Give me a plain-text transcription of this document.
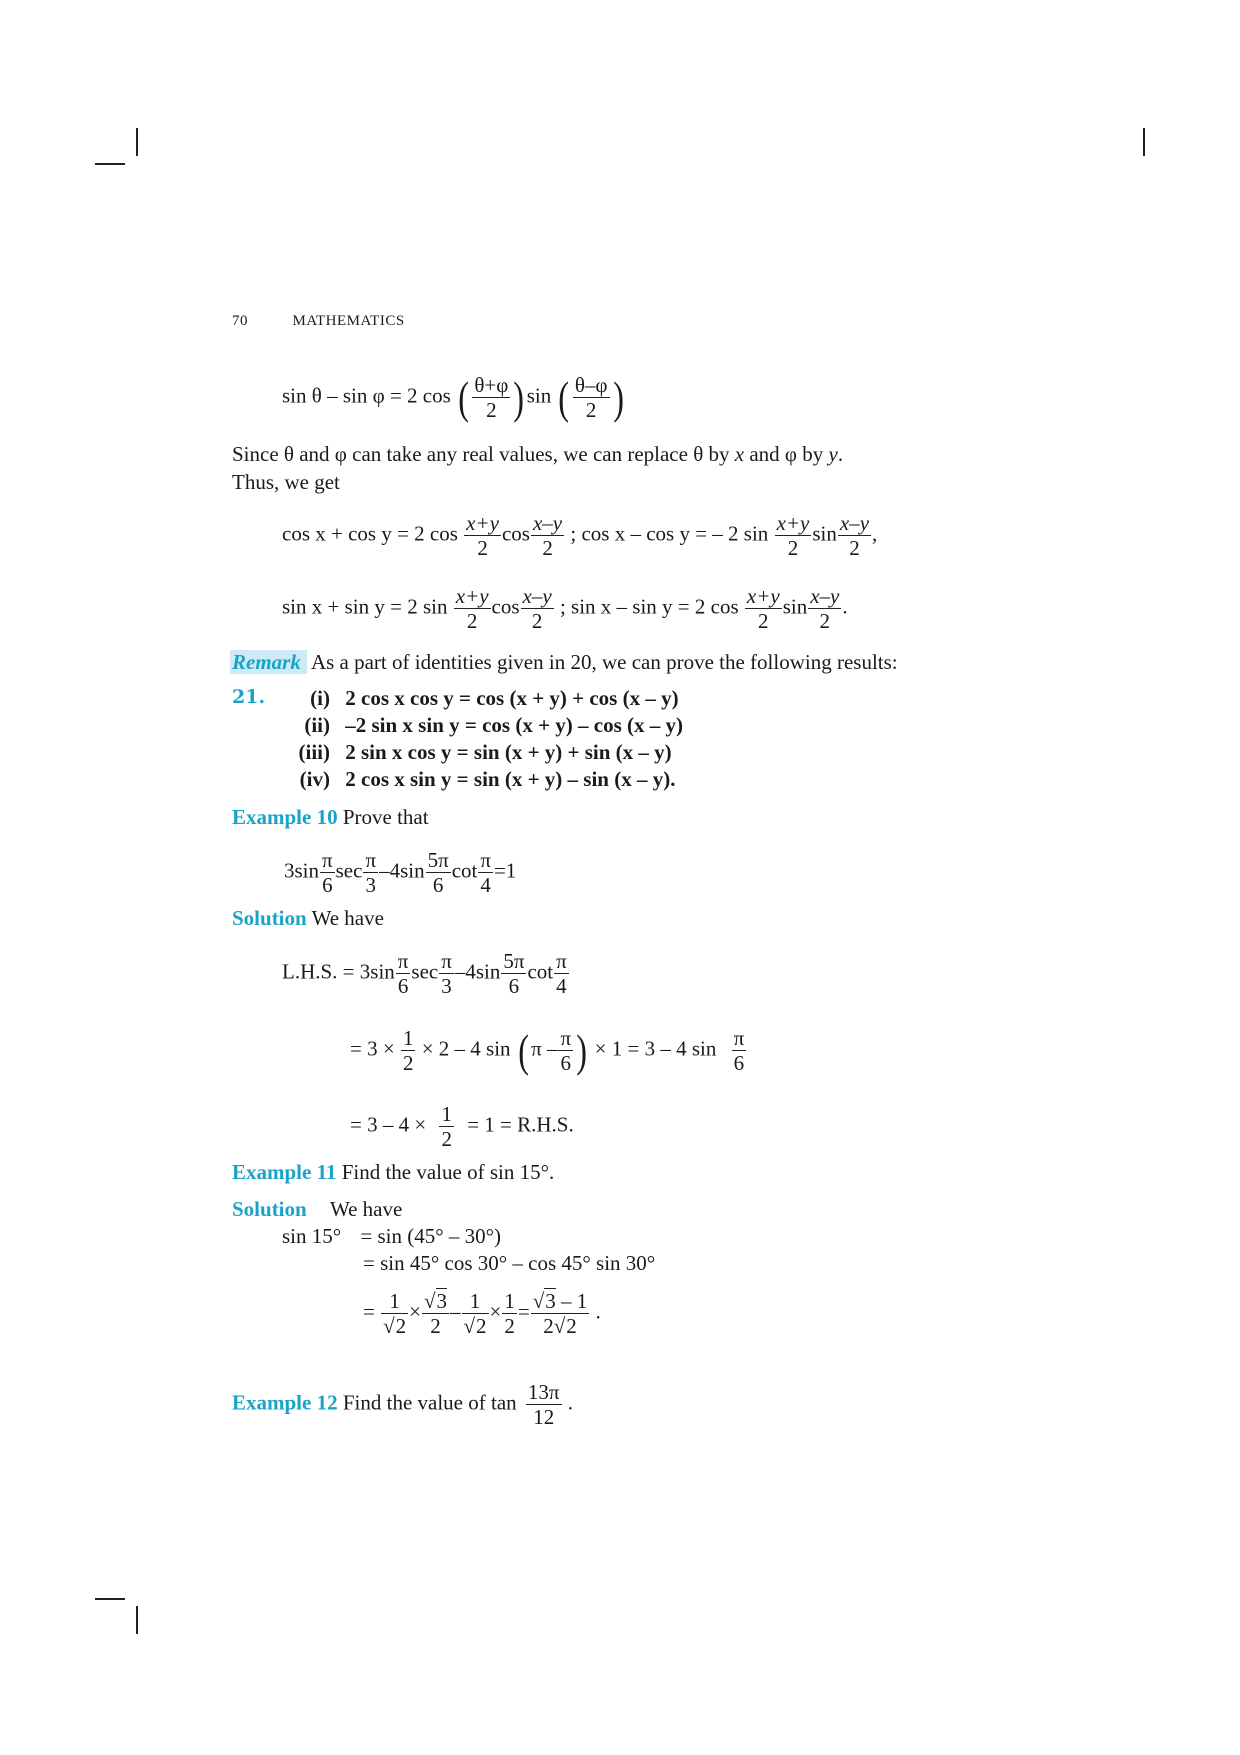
70	MATHEMATICS
sin θ – sin φ = 2 cos ( $\frac{\theta+\varphi}{2}$ ) sin ( $\frac{\theta-\varphi}{2}$ )
Since θ and φ can take any real values, we can replace θ by x and φ by y.
Thus, we get
cos x + cos y = 2 $\cos \frac{x+y}{2}$ $\cos \frac{x-y}{2}$ ; cos x – cos y = – 2 $\sin \frac{x+y}{2}$ $\sin \frac{x-y}{2}$ ,
sin x + sin y = 2 $\sin \frac{x+y}{2}$ $\cos \frac{x-y}{2}$ ; sin x – sin y = 2 $\cos \frac{x+y}{2}$ $\sin \frac{x-y}{2}$ .
Remark As a part of identities given in 20, we can prove the following results:
21.	(i) 2 cos x cos y = cos (x + y) + cos (x – y)
(ii) –2 sin x sin y = cos (x + y) – cos (x – y)
(iii) 2 sin x cos y = sin (x + y) + sin (x – y)
(iv) 2 cos x sin y = sin (x + y) – sin (x – y).
Example 10 Prove that
$3\sin \frac{\pi}{6}$ $\sec \frac{\pi}{3} -4\sin \frac{5\pi}{6}$ $\cot \frac{\pi}{4} =1$
Solution We have
L.H.S. = $3\sin \frac{\pi}{6}$ $\sec \frac{\pi}{3} -4\sin \frac{5\pi}{6}$ $\cot \frac{\pi}{4}$
= $3 \times \frac{1}{2} \times 2 - 4$ sin ( π – $\frac{\pi}{6}$ ) × 1 = 3 – 4 $\sin \frac{\pi}{6}$
= $3 - 4 \times \frac{1}{2} = 1 = R.H.S$.
Example 11 Find the value of sin 15°.
Solution We have
sin 15° = sin (45° – 30°)
= sin 45° cos 30° – cos 45° sin 30°
= $\frac{1}{√2} \times \frac{√3}{2} - \frac{1}{√2} \times \frac{1}{2} = \frac{√3 - 1}{2√2}$ .
Example 12 Find the value of $\tan \frac{13\pi}{12}$ .
